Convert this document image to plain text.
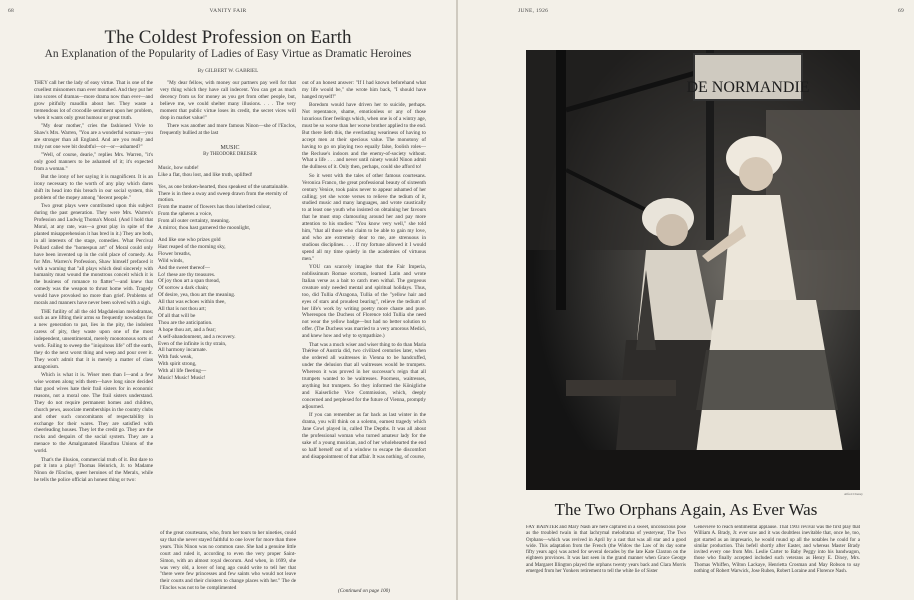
68	VANITY FAIR
The Coldest Profession on Earth
An Explanation of the Popularity of Ladies of Easy Virtue as Dramatic Heroines

THEY call her the lady of easy virtue. That is one of the cruellest misnomers man ever mouthed. And they put her into scores of dramas—more drama now than ever—and grow pitifully maudlin about her. They waste a tremendous lot of crocodile sentiment upon her problem, when it wants only great humour or great truth.

"My dear mother," cries the fashioned Vivie to Shaw's Mrs. Warren, "You are a wonderful woman—you are stronger than all England. And are you really and truly not one wee bit doubtful—or—or—ashamed?"

"Well, of course, dearie," replies Mrs. Warren, "it's only good manners to be ashamed of it; it's expected from a woman."

But the irony of her saying it is magnificent. It is an irony necessary to the worth of any play which dares shift its head into this breach in our social system, this problem of the mopey among "decent people."

Two great plays were contributed upon this subject during the past generation. They were Mrs. Warren's Profession and Ludwig Thoma's Moral. (And I hold that Moral, at any rate, was—a great play in spite of the planted misapprehension it has bred in it.) They are both, in all interests of the stage, comedies. What Percival Pollard called the "homespun art" of Moral could only have been invented up in the cold place of comedy. As for Mrs. Warren's Profession, Shaw himself prefaced it with a warning that "all plays which deal sincerely with humanity must wound the monstrous conceit which it is the business of romance to flatter"—and knew that comedy was the weapon to thrust home with. Tragedy would have provoked no more than grief. Problems of morals and manners have never been solved with a sigh.

THE futility of all the old Magdalenian melodramas, such as are lifting their arms so frequently nowadays for a new generation to pat, lies in the pity, the indolent caress of pity, they waste upon one of the most independent, unsentimental, merely monotonous sorts of work. Failing to sweep the "iniquitous life" off the earth, they do the next worst thing and weep and pour over it. They won't admit that it is merely a matter of class antagonism.

Which is what it is. Wiser men than I—and a few wise women along with them—have long since decided that good wives hate their frail sisters for in economic reasons, not a moral one. The frail sisters understand. They do not require permanent homes and children, church pews, associate memberships in the country clubs and other such concomitants of respectability in exchange for their wares. They are satisfied with cheerleading houses. They let the credit go. They are the rocks and despairs of the social system. They are a menace to the Amalgamated Hausfrau Unions of the world.

That's the illusion, commercial truth of it. But dare to put it into a play! Thomas Heinrich, Jr. to Madame Ninon de l'Enclos, queer heroines of the Meralx, while he tells the police official an honest thing or two:

By GILBERT W. GABRIEL

"My dear fellow, with money our partners pay well for that very thing which they have call indecent. You can get as much decency from us for money as you get from other people, but, believe me, we could shelter many illusions. . . . The very moment that public virtue loses its credit, the secret vices will drop in market value!"

There was another and more famous Ninon—she of l'Enclos, frequently bullied at the last

MUSIC
By THEODORE DREISER
Music, how subtle!
Like a flat, thou lost, and like truth, uplifted!
Yes, as one broken-hearted, thou speakest of the unattainable.
There is in thee a sway and sweep drawn from the eternity of motion.
From the master of flowers has thou inherited colour,
From the spheres a voice,
From all outer certainty, meaning.
A mirror, thou hast garnered the moonlight,
And like one who prizes gold
Hast reaped of the morning sky,
Flower breaths,
Wild winds,
And the sweet thereof—
Lo! these are thy treasures.
Of joy thou art a span thread,
Of sorrow a dark chain;
Of desire, yea, thou art the meaning.
All that was echoes within thee,
All that is not thou art;
Of all that will be
Thou are the anticipation.
A hope thou art, and a fear;
A self-abandonment, and a recovery.
Even of the infinite is thy strain,
All harmony incarnate.
With fusk weak,
With spirit strong,
With all life fleeting—
Music! Music! Music!

of the great courtesans, who, from her tours to her nineties, could say that she never stayed faithful to one lover for more than three years. This Ninon was no common case. She had a genuine little court and ruled it, according to even the very proper Saint-Simon, with an almost royal decorum. And when, in 1699, she was very old, a lover of long ago could write to tell her that "there were few princesses and few saints who would not leave their courts and their cloisters to change places with her." The de l'Enclos was not to be complimented

out of an honest answer: "If I had known beforehand what my life would be," she wrote him back, "I should have hanged myself!"

Boredom would have driven her to suicide, perhaps. Not repentance, shame, emotionless or any of those luxurious finer feelings which, when one is of a wintry age, must be so worse than her worse brother applied to the end. But there lieth this, the everlasting weariness of having to accept men at their specious value. The monotony of having to go on playing two equally false, foolish roles—the Recluse's indoors and the enemy-of-society without. What a life . . . and never until ninety would Ninon admit the dullness of it. Only then, perhaps, could she afford to!

So it went with the tales of other famous courtesans. Veronica Franco, the great professional beauty of sixteenth century Venice, took pains never to appear ashamed of her calling; yet she wrote verses to relieve the tedium of it, studied music and many languages, and wrote caustically to at least one youth who insisted on obtaining her favours that he must stop clamouring around her and pay more attention to his studies: "You know very well," she told him, "that all those who claim to be able to gain my love, and who are extremely dear to me, are strenuous in studious disciplines. . . . If my fortune allowed it I would spend all my time quietly in the academies of virtuous men."

YOU can scarcely imagine that the Fair Imperia, noblissimum Romae scortum, learned Latin and wrote Italian verse as a bait to catch men withal. The gorgeous creature only needed mental and spiritual holidays. Thus, too, did Tullia d'Aragona, Tullia of the "yellow hair and eyes of stars and proudest bearing", relieve the tedium of her life's work by writing poetry more chaste and pure. Whereupon the Duchess of Florence told Tullia she need not wear the yellow badge—but had no better solution to offer. (The Duchess was married to a very amorous Medici, and knew how and why to sympathize.)

That was a much wiser and wiser thing to do than Maria Thérèse of Austria did, two civilized centuries later, when she ordered all waitresses in Vienna to be handcuffed, under the delusion that all waitresses would be trumpets. Whereon it was proved in her successor's reign that all trumpets wanted to be waitresses. Poorness, waitresses, anything but trumpets. So they informed the Königliche and Kaiserliche Vice Commission, which, deeply concerned and perplexed for the future of Vienna, promptly adjourned.

If you can remember as far back as last winter in the drama, you will think on a solemn, earnest tragedy which Jane Cowl played in, called The Depths. It was all about the professional woman who turned amateur lady for the sake of a young musician, and of her wholehearted the end so half herself out of a window to escape the discomfort and disappointment of that affair. It was nothing, of course,

(Continued on page 100)
JUNE, 1926	69
DE NORMANDIE
Alfred Cheney
The Two Orphans Again, As Ever Was
FAY BAINTER and Mary Nash are here captured in a sweet, unconscious pose as the troubled twain in that lachrymal melodrama of yesteryear, The Two Orphans—which was revived in April by a cast that was all star and a good wide. This adaptation from the French (the Widow the Law of its day some fifty years ago) was acted for several decades by the late Kate Claxton on the eighteen provinces. It was last seen in the grand manner when Grace George and Margaret Illington played the orphans twenty years back and Clara Morris emerged from her Yonkers retirement to tell the white lie of Sister
Geneviève to reach sentimental applause. That 1903 revival was the first play that William A. Brady, Jr. ever saw and it was doubtless inevitable that, once he, too, got started as an impresario, he would round up all the notables he could for a similar production. This befell shortly after Easter, and whereas Master Brady invited every one from Mrs. Leslie Carter to Baby Peggy into his bandwagon, those who finally accepted included such veterans as Henry E. Dixey, Mrs. Thomas Whiffen, Wilton Lackaye, Henrietta Crosman and May Robson to say nothing of Robert Warwick, Jose Ruben, Robert Loraine and Florence Nash.
